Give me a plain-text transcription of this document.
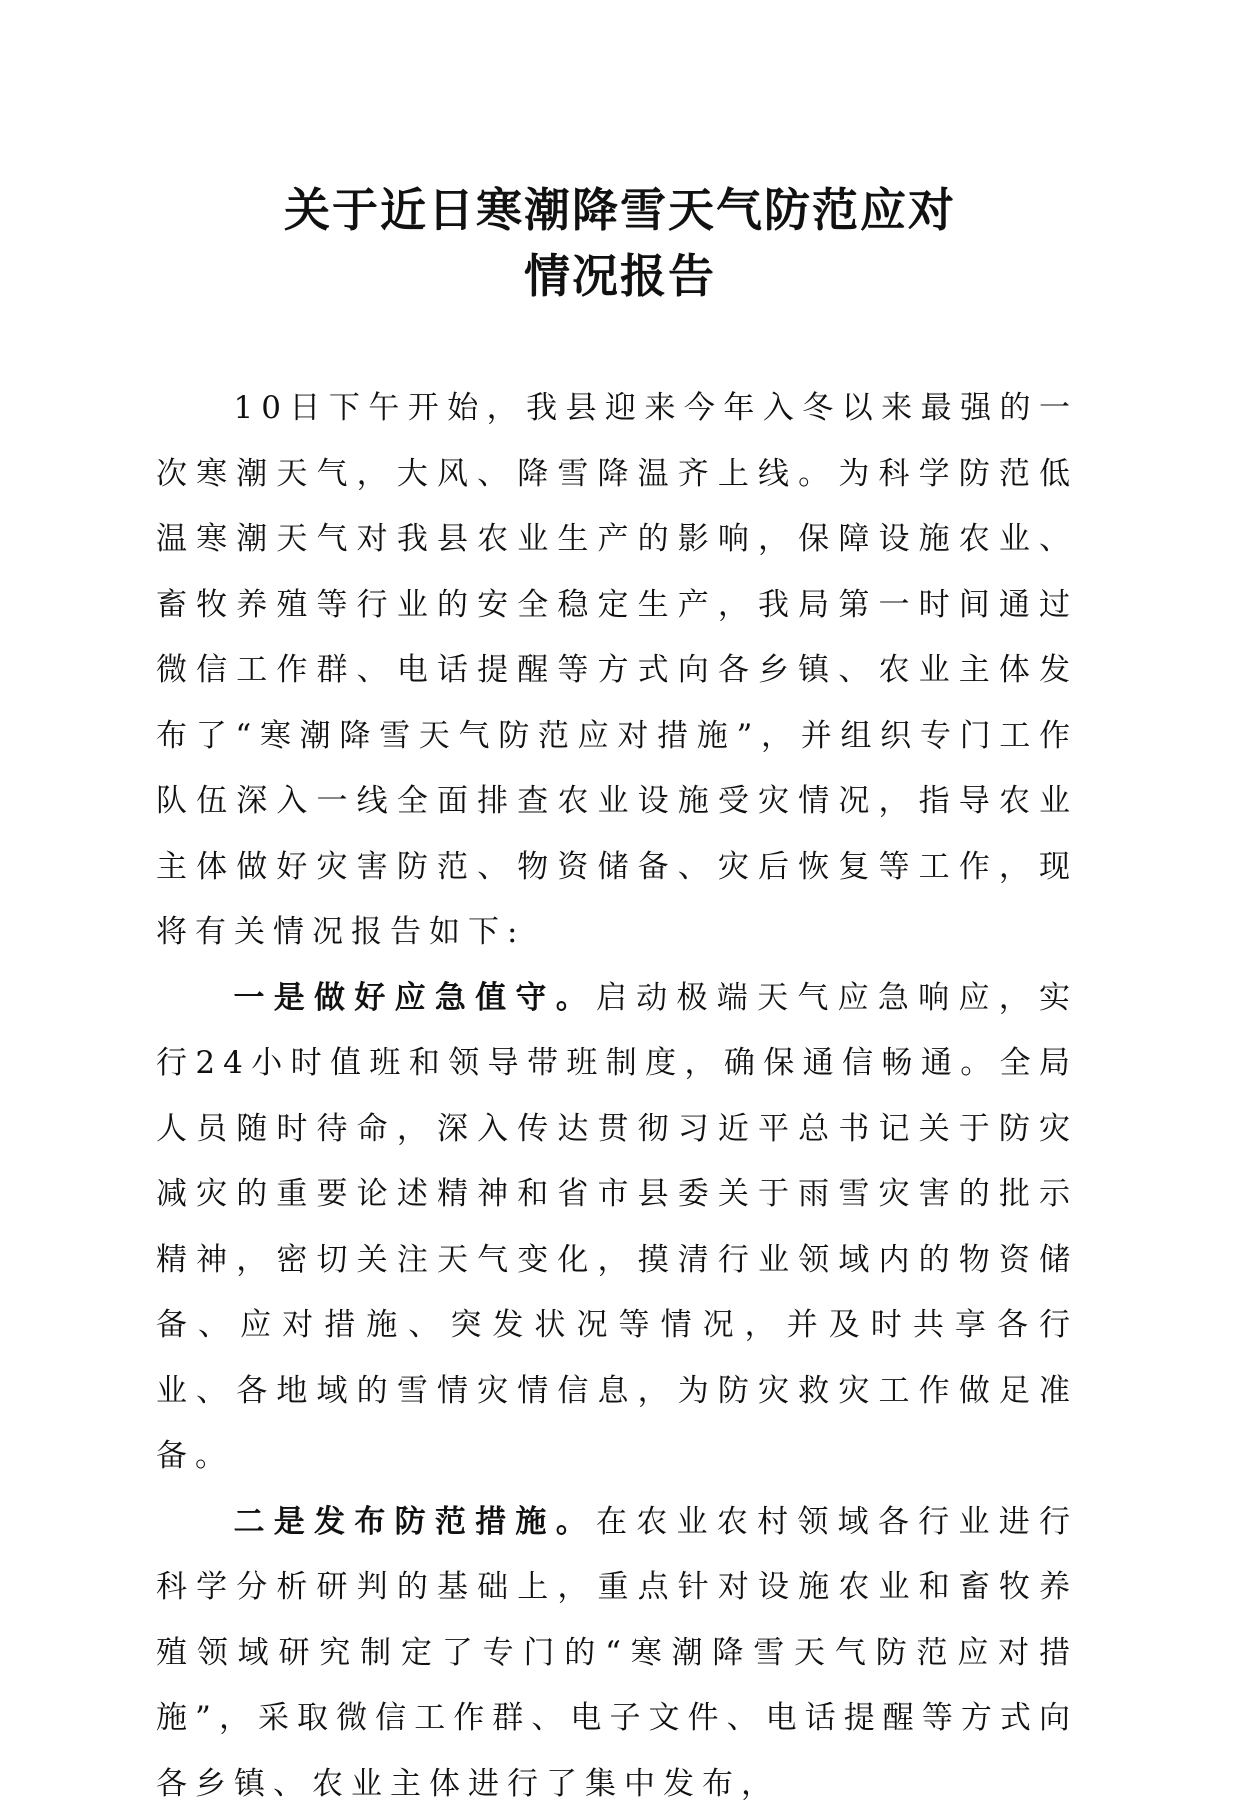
关于近日寒潮降雪天气防范应对
情况报告

10日下午开始，我县迎来今年入冬以来最强的一次寒潮天气，大风、降雪降温齐上线。为科学防范低温寒潮天气对我县农业生产的影响，保障设施农业、畜牧养殖等行业的安全稳定生产，我局第一时间通过微信工作群、电话提醒等方式向各乡镇、农业主体发布了“寒潮降雪天气防范应对措施”，并组织专门工作队伍深入一线全面排查农业设施受灾情况，指导农业主体做好灾害防范、物资储备、灾后恢复等工作，现将有关情况报告如下:

一是做好应急值守。启动极端天气应急响应，实行24小时值班和领导带班制度，确保通信畅通。全局人员随时待命，深入传达贯彻习近平总书记关于防灾减灾的重要论述精神和省市县委关于雨雪灾害的批示精神，密切关注天气变化，摸清行业领域内的物资储备、应对措施、突发状况等情况，并及时共享各行业、各地域的雪情灾情信息，为防灾救灾工作做足准备。

二是发布防范措施。在农业农村领域各行业进行科学分析研判的基础上，重点针对设施农业和畜牧养殖领域研究制定了专门的“寒潮降雪天气防范应对措施”，采取微信工作群、电子文件、电话提醒等方式向各乡镇、农业主体进行了集中发布，
